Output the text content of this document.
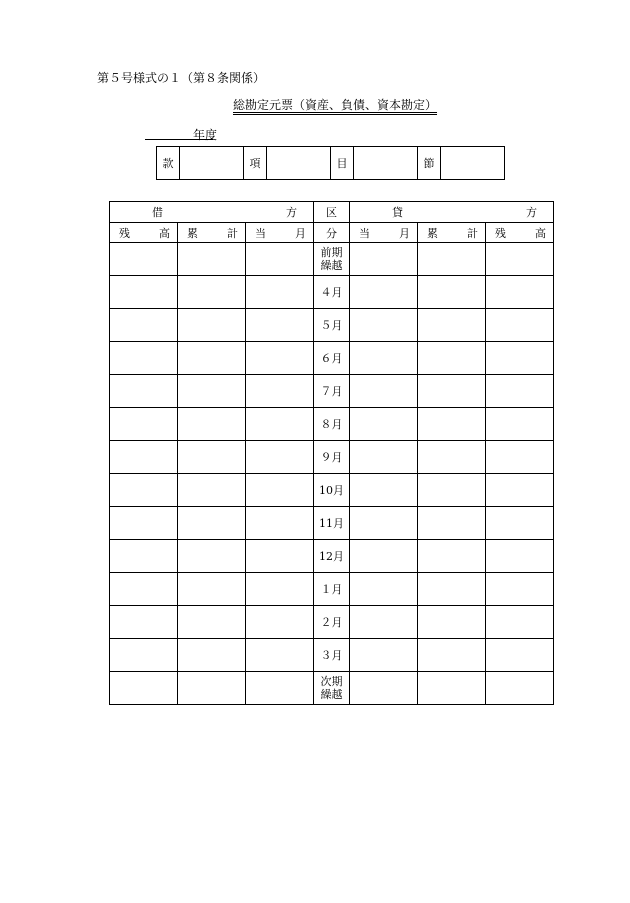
第５号様式の１（第８条関係）
総勘定元票（資産、負債、資本勘定）
年度
款		項		目		節	
借 方			区	貸 方		

残 高	累 計	当 月	分	当 月	累 計	残 高

			前期繰越			
			４月			
			５月			
			６月			
			７月			
			８月			
			９月			
			10月			
			11月			
			12月			
			１月			
			２月			
			３月			
			次期繰越			
